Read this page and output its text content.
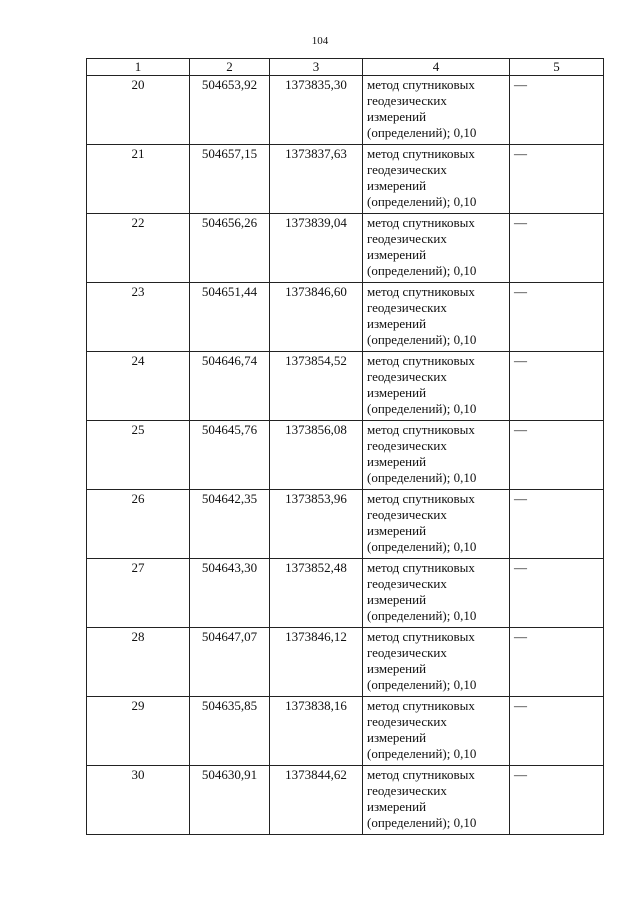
104
1	2	3	4	5
20	504653,92	1373835,30	метод спутниковых
геодезических
измерений
(определений); 0,10	—
21	504657,15	1373837,63	метод спутниковых
геодезических
измерений
(определений); 0,10	—
22	504656,26	1373839,04	метод спутниковых
геодезических
измерений
(определений); 0,10	—
23	504651,44	1373846,60	метод спутниковых
геодезических
измерений
(определений); 0,10	—
24	504646,74	1373854,52	метод спутниковых
геодезических
измерений
(определений); 0,10	—
25	504645,76	1373856,08	метод спутниковых
геодезических
измерений
(определений); 0,10	—
26	504642,35	1373853,96	метод спутниковых
геодезических
измерений
(определений); 0,10	—
27	504643,30	1373852,48	метод спутниковых
геодезических
измерений
(определений); 0,10	—
28	504647,07	1373846,12	метод спутниковых
геодезических
измерений
(определений); 0,10	—
29	504635,85	1373838,16	метод спутниковых
геодезических
измерений
(определений); 0,10	—
30	504630,91	1373844,62	метод спутниковых
геодезических
измерений
(определений); 0,10	—
